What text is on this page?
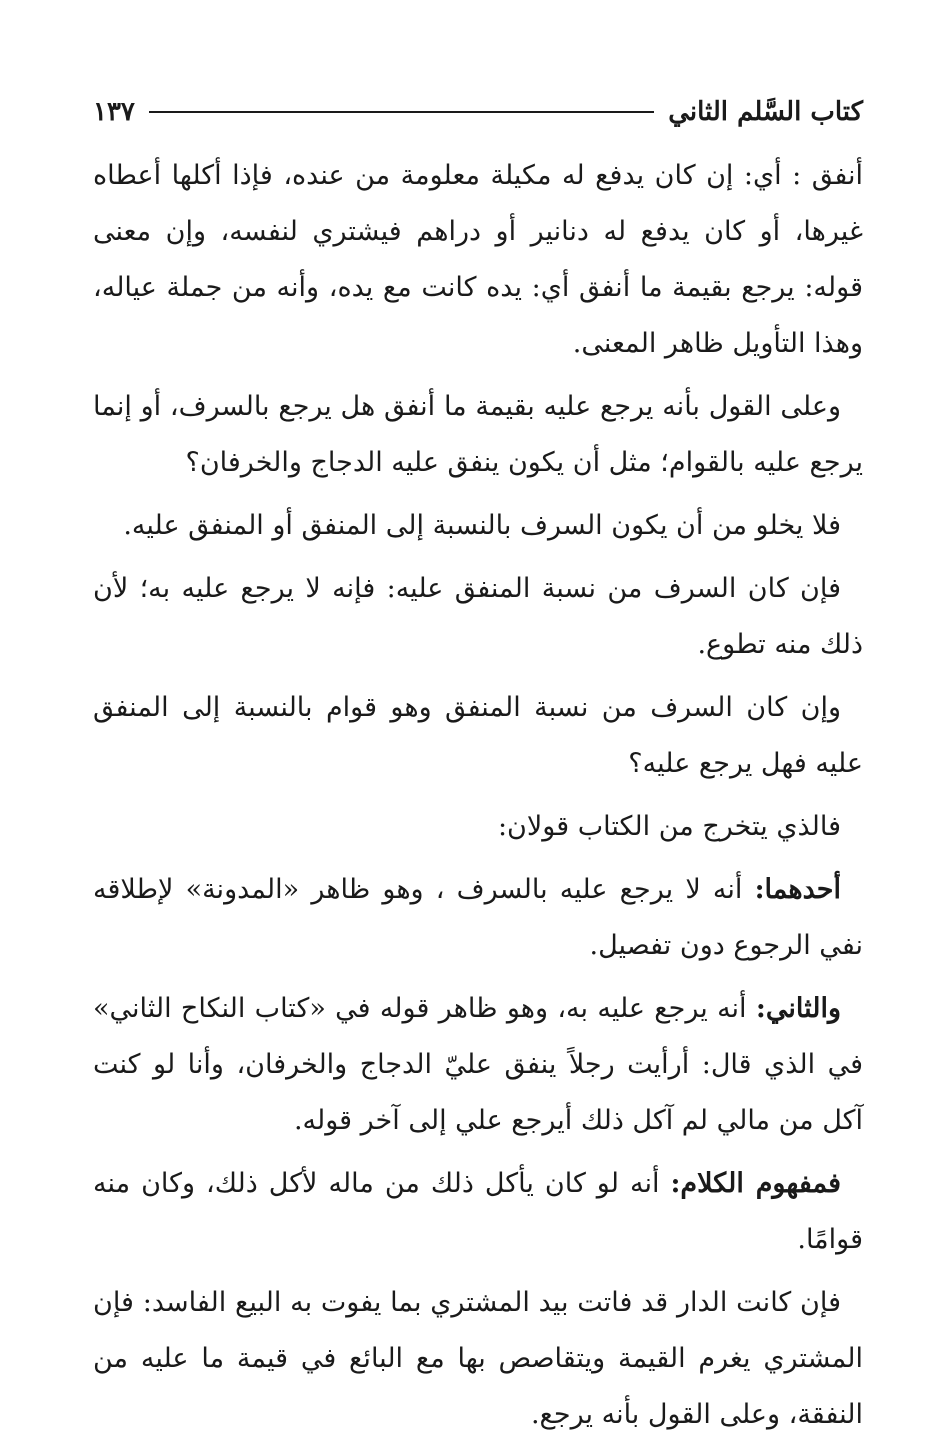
كتاب السَّلم الثاني
١٣٧

أنفق : أي: إن كان يدفع له مكيلة معلومة من عنده، فإذا أكلها أعطاه غيرها، أو كان يدفع له دنانير أو دراهم فيشتري لنفسه، وإن معنى قوله: يرجع بقيمة ما أنفق أي: يده كانت مع يده، وأنه من جملة عياله، وهذا التأويل ظاهر المعنى.

وعلى القول بأنه يرجع عليه بقيمة ما أنفق هل يرجع بالسرف، أو إنما يرجع عليه بالقوام؛ مثل أن يكون ينفق عليه الدجاج والخرفان؟

فلا يخلو من أن يكون السرف بالنسبة إلى المنفق أو المنفق عليه.

فإن كان السرف من نسبة المنفق عليه: فإنه لا يرجع عليه به؛ لأن ذلك منه تطوع.

وإن كان السرف من نسبة المنفق وهو قوام بالنسبة إلى المنفق عليه فهل يرجع عليه؟

فالذي يتخرج من الكتاب قولان:

أحدهما: أنه لا يرجع عليه بالسرف ، وهو ظاهر «المدونة» لإطلاقه نفي الرجوع دون تفصيل.

والثاني: أنه يرجع عليه به، وهو ظاهر قوله في «كتاب النكاح الثاني» في الذي قال: أرأيت رجلاً ينفق عليّ الدجاج والخرفان، وأنا لو كنت آكل من مالي لم آكل ذلك أيرجع علي إلى آخر قوله.

فمفهوم الكلام: أنه لو كان يأكل ذلك من ماله لأكل ذلك، وكان منه قوامًا.

فإن كانت الدار قد فاتت بيد المشتري بما يفوت به البيع الفاسد: فإن المشتري يغرم القيمة ويتقاصص بها مع البائع في قيمة ما عليه من النفقة، وعلى القول بأنه يرجع.
